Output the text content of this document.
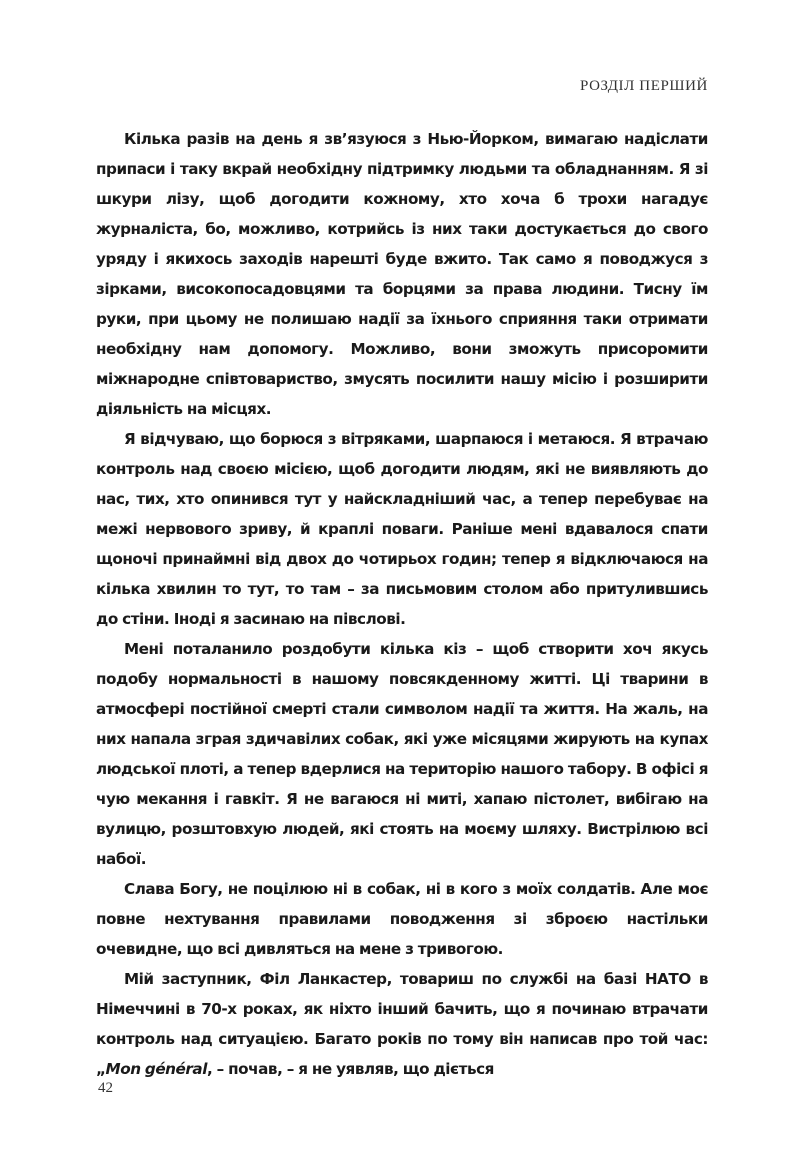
РОЗДІЛ ПЕРШИЙ

Кілька разів на день я зв’язуюся з Нью-Йорком, вимагаю надіслати припаси і таку вкрай необхідну підтримку людьми та обладнанням. Я зі шкури лізу, щоб догодити кожному, хто хоча б трохи нагадує журналіста, бо, можливо, котрийсь із них таки достукається до свого уряду і якихось заходів нарешті буде вжито. Так само я поводжуся з зірками, високопосадовцями та борцями за права людини. Тисну їм руки, при цьому не полишаю надії за їхнього сприяння таки отримати необхідну нам допомогу. Можливо, вони зможуть присоромити міжнародне співтовариство, змусять посилити нашу місію і розширити діяльність на місцях.

Я відчуваю, що борюся з вітряками, шарпаюся і метаюся. Я втрачаю контроль над своєю місією, щоб догодити людям, які не виявляють до нас, тих, хто опинився тут у найскладніший час, а тепер перебуває на межі нервового зриву, й краплі поваги. Раніше мені вдавалося спати щоночі принаймні від двох до чотирьох годин; тепер я відключаюся на кілька хвилин то тут, то там – за письмовим столом або притулившись до стіни. Іноді я засинаю на півслові.

Мені поталанило роздобути кілька кіз – щоб створити хоч якусь подобу нормальності в нашому повсякденному житті. Ці тварини в атмосфері постійної смерті стали символом надії та життя. На жаль, на них напала зграя здичавілих собак, які уже місяцями жирують на купах людської плоті, а тепер вдерлися на територію нашого табору. В офісі я чую мекання і гавкіт. Я не вагаюся ні миті, хапаю пістолет, вибігаю на вулицю, розштовхую людей, які стоять на моєму шляху. Вистрілюю всі набої.

Слава Богу, не поцілюю ні в собак, ні в кого з моїх солдатів. Але моє повне нехтування правилами поводження зі зброєю настільки очевидне, що всі дивляться на мене з тривогою.

Мій заступник, Філ Ланкастер, товариш по службі на базі НАТО в Німеччині в 70-х роках, як ніхто інший бачить, що я починаю втрачати контроль над ситуацією. Багато років по тому він написав про той час: „Mon général, – почав, – я не уявляв, що діється

42
